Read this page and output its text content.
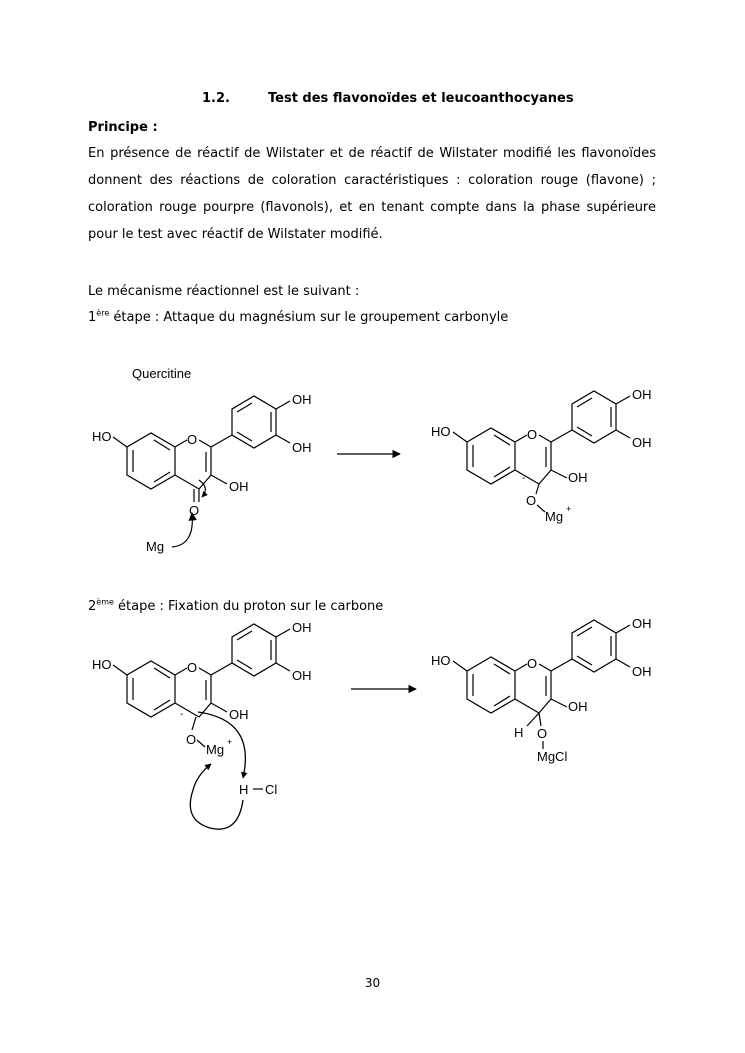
1.2.	Test des flavonoïdes et leucoanthocyanes
Principe :
En présence de réactif de Wilstater et de réactif de Wilstater modifié les flavonoïdes donnent des réactions de coloration caractéristiques : coloration rouge (flavone) ; coloration rouge pourpre (flavonols), et en tenant compte dans la phase supérieure pour le test avec réactif de Wilstater modifié.
Le mécanisme réactionnel est le suivant :
1ère étape : Attaque du magnésium sur le groupement carbonyle
2ème étape : Fixation du proton sur le carbone
Quercitine
HO	O
OH
OH
OH
O
Mg
HO	O
OH
OH
OH
-
O
Mg +
HO	O
OH
OH
OH
-
O
Mg +
H Cl
HO	O
OH
OH
OH
H O
MgCl
30
